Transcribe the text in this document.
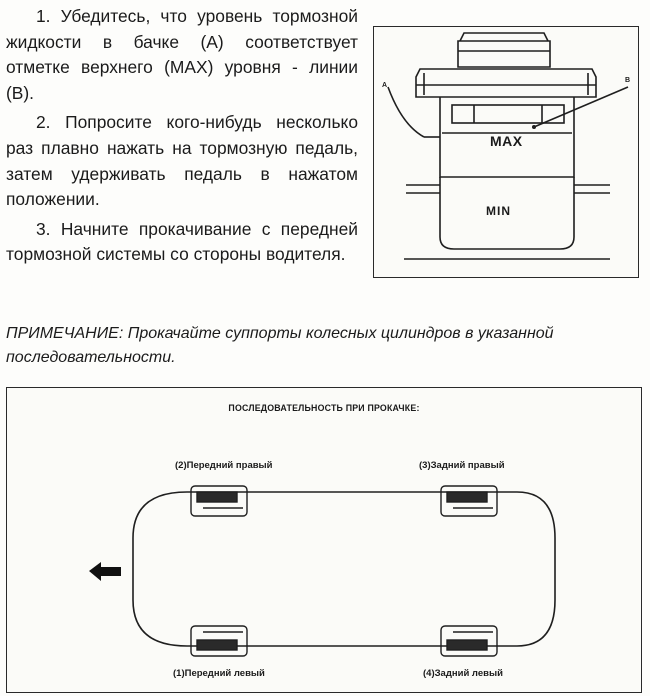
1. Убедитесь, что уровень тормозной жидкости в бачке (А) соответствует отметке верхнего (MAX) уровня - линии (В).

2. Попросите кого-нибудь несколько раз плавно нажать на тормозную педаль, затем удерживать педаль в нажатом положении.

3. Начните прокачивание с передней тормозной системы со стороны водителя.

ПРИМЕЧАНИЕ: Прокачайте суппорты колесных цилиндров в указанной последовательности.
A
B
MAX
MIN
ПОСЛЕДОВАТЕЛЬНОСТЬ ПРИ ПРОКАЧКЕ:
(2)Передний правый	(3)Задний правый
(1)Передний левый	(4)Задний левый
